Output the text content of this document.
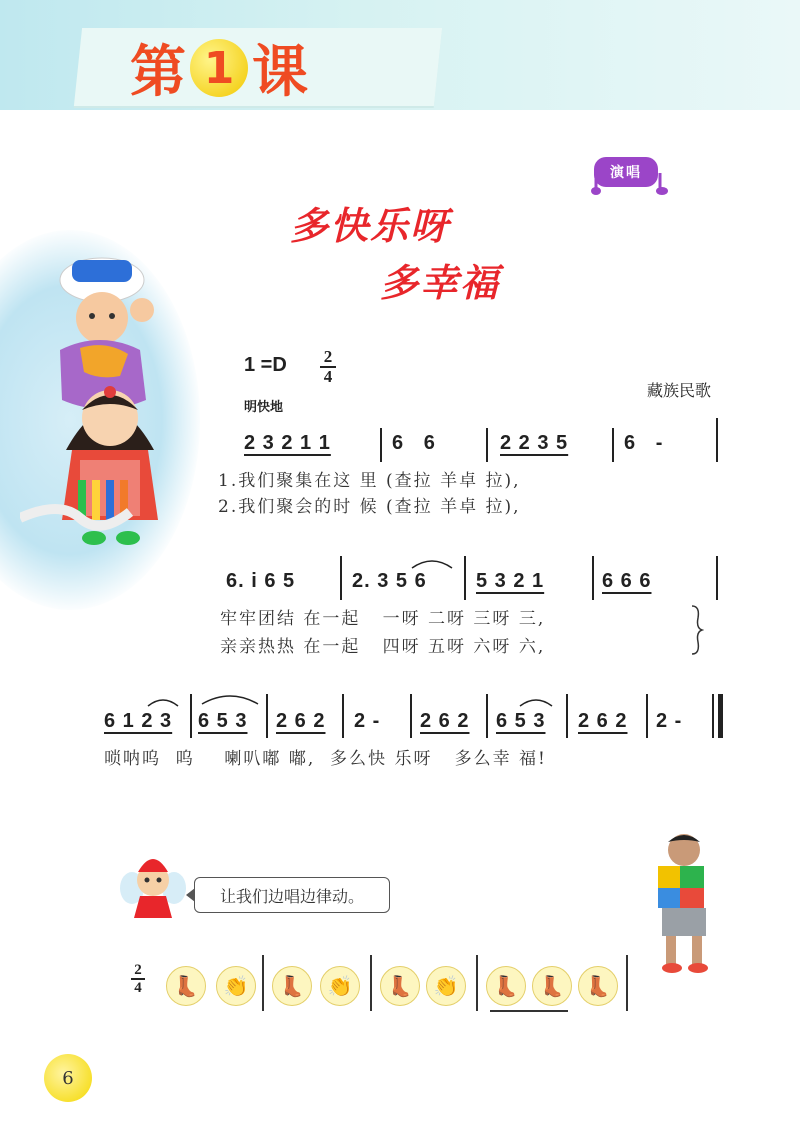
第 1 课
演唱
多快乐呀
多幸福
1 =D	2
4
明快地
藏族民歌
2 3 2 1 1	6   6	2 2 3 5	6   -
1.我们聚集在这 里 (查拉 羊卓 拉),
2.我们聚会的时 候 (查拉 羊卓 拉),
6. i 6 5	2. 3 5 6 5 3 2 1	6 6 6
牢牢团结 在一起   一呀 二呀 三呀 三,
亲亲热热 在一起   四呀 五呀 六呀 六,
6 1 2 3 6 5 3 2 6 2 2 - 2 6 2 6 5 3 2 6 2 2 -
唢呐呜  呜    喇叭嘟 嘟,  多么快 乐呀   多么幸 福!
让我们边唱边律动。
2
4	👢	👏	👢	👏	👢	👏	👢	👢	👢
6
